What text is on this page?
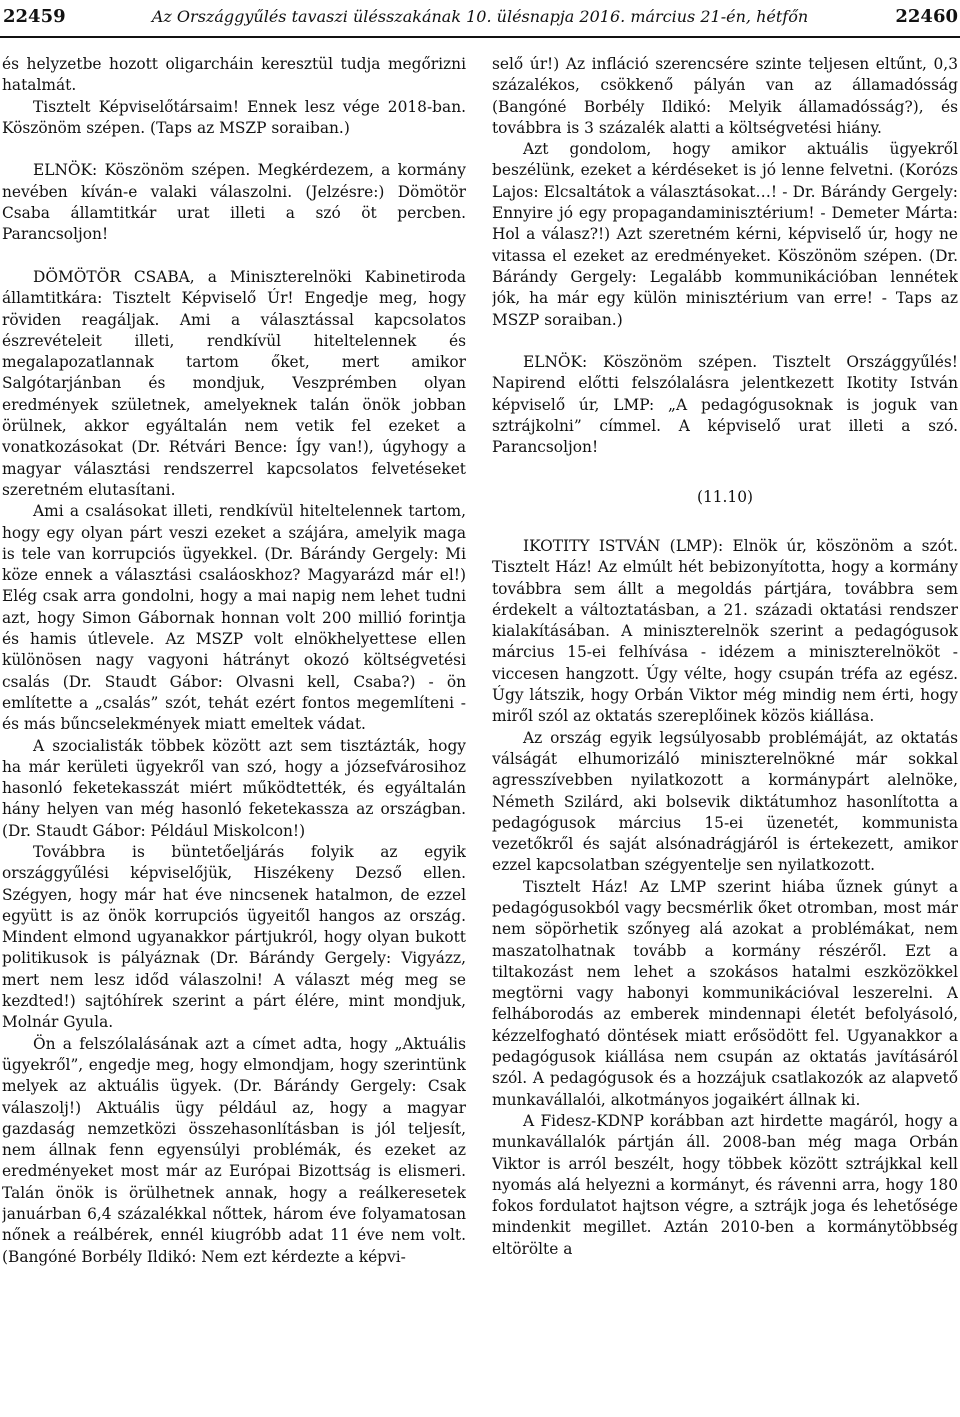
22459	Az Országgyűlés tavaszi ülésszakának 10. ülésnapja 2016. március 21-én, hétfőn	22460

és helyzetbe hozott oligarcháin keresztül tudja megőrizni hatalmát.

Tisztelt Képviselőtársaim! Ennek lesz vége 2018-ban. Köszönöm szépen. (Taps az MSZP soraiban.)

ELNÖK: Köszönöm szépen. Megkérdezem, a kormány nevében kíván-e valaki válaszolni. (Jelzésre:) Dömötör Csaba államtitkár urat illeti a szó öt percben. Parancsoljon!

DÖMÖTÖR CSABA, a Miniszterelnöki Kabinetiroda államtitkára: Tisztelt Képviselő Úr! Engedje meg, hogy röviden reagáljak. Ami a választással kapcsolatos észrevételeit illeti, rendkívül hiteltelennek és megalapozatlannak tartom őket, mert amikor Salgótarjánban és mondjuk, Veszprémben olyan eredmények születnek, amelyeknek talán önök jobban örülnek, akkor egyáltalán nem vetik fel ezeket a vonatkozásokat (Dr. Rétvári Bence: Így van!), úgyhogy a magyar választási rendszerrel kapcsolatos felvetéseket szeretném elutasítani.

Ami a csalásokat illeti, rendkívül hiteltelennek tartom, hogy egy olyan párt veszi ezeket a szájára, amelyik maga is tele van korrupciós ügyekkel. (Dr. Bárándy Gergely: Mi köze ennek a választási csaláoskhoz? Magyarázd már el!) Elég csak arra gondolni, hogy a mai napig nem lehet tudni azt, hogy Simon Gábornak honnan volt 200 millió forintja és hamis útlevele. Az MSZP volt elnökhelyettese ellen különösen nagy vagyoni hátrányt okozó költségvetési csalás (Dr. Staudt Gábor: Olvasni kell, Csaba?) - ön említette a „csalás” szót, tehát ezért fontos megemlíteni - és más bűncselekmények miatt emeltek vádat.

A szocialisták többek között azt sem tisztázták, hogy ha már kerületi ügyekről van szó, hogy a józsefvárosihoz hasonló feketekasszát miért működtették, és egyáltalán hány helyen van még hasonló feketekassza az országban. (Dr. Staudt Gábor: Például Miskolcon!)

Továbbra is büntetőeljárás folyik az egyik országgyűlési képviselőjük, Hiszékeny Dezső ellen. Szégyen, hogy már hat éve nincsenek hatalmon, de ezzel együtt is az önök korrupciós ügyeitől hangos az ország. Mindent elmond ugyanakkor pártjukról, hogy olyan bukott politikusok is pályáznak (Dr. Bárándy Gergely: Vigyázz, mert nem lesz időd válaszolni! A választ még meg se kezdted!) sajtóhírek szerint a párt élére, mint mondjuk, Molnár Gyula.

Ön a felszólalásának azt a címet adta, hogy „Aktuális ügyekről”, engedje meg, hogy elmondjam, hogy szerintünk melyek az aktuális ügyek. (Dr. Bárándy Gergely: Csak válaszolj!) Aktuális ügy például az, hogy a magyar gazdaság nemzetközi összehasonlításban is jól teljesít, nem állnak fenn egyensúlyi problémák, és ezeket az eredményeket most már az Európai Bizottság is elismeri. Talán önök is örülhetnek annak, hogy a reálkeresetek januárban 6,4 százalékkal nőttek, három éve folyamatosan nőnek a reálbérek, ennél kiugróbb adat 11 éve nem volt. (Bangóné Borbély Ildikó: Nem ezt kérdezte a képvi-

selő úr!) Az infláció szerencsére szinte teljesen eltűnt, 0,3 százalékos, csökkenő pályán van az államadósság (Bangóné Borbély Ildikó: Melyik államadósság?), és továbbra is 3 százalék alatti a költségvetési hiány.

Azt gondolom, hogy amikor aktuális ügyekről beszélünk, ezeket a kérdéseket is jó lenne felvetni. (Korózs Lajos: Elcsaltátok a választásokat…! - Dr. Bárándy Gergely: Ennyire jó egy propagandaminisztérium! - Demeter Márta: Hol a válasz?!) Azt szeretném kérni, képviselő úr, hogy ne vitassa el ezeket az eredményeket. Köszönöm szépen. (Dr. Bárándy Gergely: Legalább kommunikációban lennétek jók, ha már egy külön minisztérium van erre! - Taps az MSZP soraiban.)

ELNÖK: Köszönöm szépen. Tisztelt Országgyűlés! Napirend előtti felszólalásra jelentkezett Ikotity István képviselő úr, LMP: „A pedagógusoknak is joguk van sztrájkolni” címmel. A képviselő urat illeti a szó. Parancsoljon!

(11.10)

IKOTITY ISTVÁN (LMP): Elnök úr, köszönöm a szót. Tisztelt Ház! Az elmúlt hét bebizonyította, hogy a kormány továbbra sem állt a megoldás pártjára, továbbra sem érdekelt a változtatásban, a 21. századi oktatási rendszer kialakításában. A miniszterelnök szerint a pedagógusok március 15-ei felhívása - idézem a miniszterelnököt - viccesen hangzott. Úgy vélte, hogy csupán tréfa az egész. Úgy látszik, hogy Orbán Viktor még mindig nem érti, hogy miről szól az oktatás szereplőinek közös kiállása.

Az ország egyik legsúlyosabb problémáját, az oktatás válságát elhumorizáló miniszterelnökné már sokkal agresszívebben nyilatkozott a kormánypárt alelnöke, Németh Szilárd, aki bolsevik diktátumhoz hasonlította a pedagógusok március 15-ei üzenetét, kommunista vezetőkről és saját alsónadrágjáról is értekezett, amikor ezzel kapcsolatban szégyentelje sen nyilatkozott.

Tisztelt Ház! Az LMP szerint hiába űznek gúnyt a pedagógusokból vagy becsmérlik őket otromban, most már nem söpörhetik szőnyeg alá azokat a problémákat, nem maszatolhatnak tovább a kormány részéről. Ezt a tiltakozást nem lehet a szokásos hatalmi eszközökkel megtörni vagy habonyi kommunikációval leszerelni. A felháborodás az emberek mindennapi életét befolyásoló, kézzelfogható döntések miatt erősödött fel. Ugyanakkor a pedagógusok kiállása nem csupán az oktatás javításáról szól. A pedagógusok és a hozzájuk csatlakozók az alapvető munkavállalói, alkotmányos jogaikért állnak ki.

A Fidesz-KDNP korábban azt hirdette magáról, hogy a munkavállalók pártján áll. 2008-ban még maga Orbán Viktor is arról beszélt, hogy többek között sztrájkkal kell nyomás alá helyezni a kormányt, és rávenni arra, hogy 180 fokos fordulatot hajtson végre, a sztrájk joga és lehetősége mindenkit megillet. Aztán 2010-ben a kormánytöbbség eltörölte a
